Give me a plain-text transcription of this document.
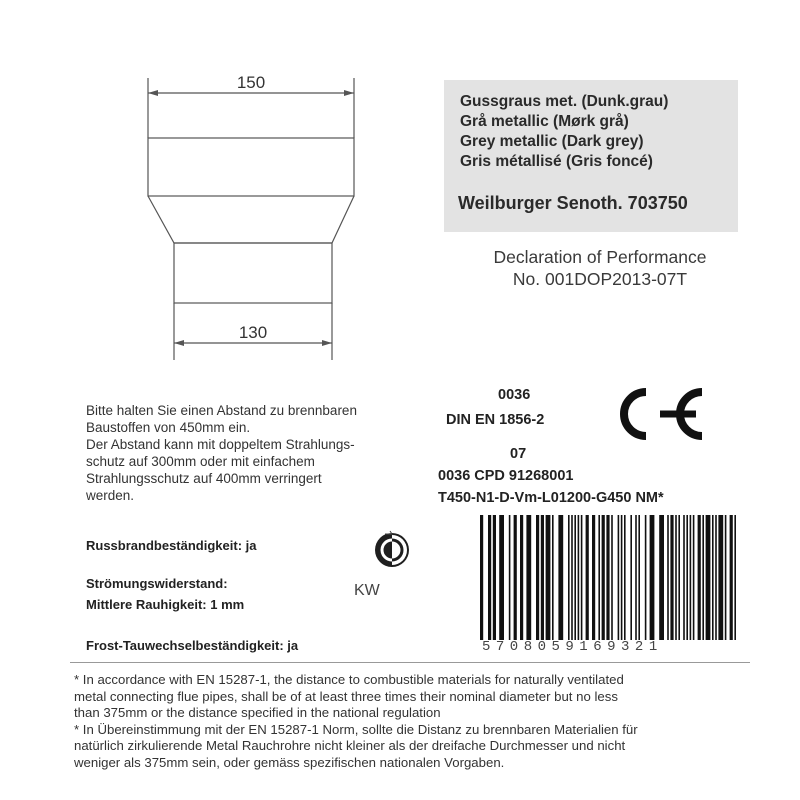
150
130
Gussgraus met. (Dunk.grau)
Grå metallic (Mørk grå)
Grey metallic (Dark grey)
Gris métallisé (Gris foncé)
Weilburger Senoth. 703750
Declaration of Performance
No. 001DOP2013-07T
Bitte halten Sie einen Abstand zu brennbaren
Baustoffen von 450mm ein.
Der Abstand kann mit doppeltem Strahlungs-
schutz auf 300mm oder mit einfachem
Strahlungsschutz auf 400mm verringert
werden.
0036
DIN EN 1856-2
07
0036 CPD 91268001
T450-N1-D-Vm-L01200-G450 NM*
Russbrandbeständigkeit: ja
Strömungswiderstand:
Mittlere Rauhigkeit: 1 mm
KW
Frost-Tauwechselbeständigkeit: ja	5708059169321
* In accordance with EN 15287-1, the distance to combustible materials for naturally ventilated
metal connecting flue pipes, shall be of at least three times their nominal diameter but no less
than 375mm or the distance specified in the national regulation
* In Übereinstimmung mit der EN 15287-1 Norm, sollte die Distanz zu brennbaren Materialien für
natürlich zirkulierende Metal Rauchrohre nicht kleiner als der dreifache Durchmesser und nicht
weniger als 375mm sein, oder gemäss spezifischen nationalen Vorgaben.
